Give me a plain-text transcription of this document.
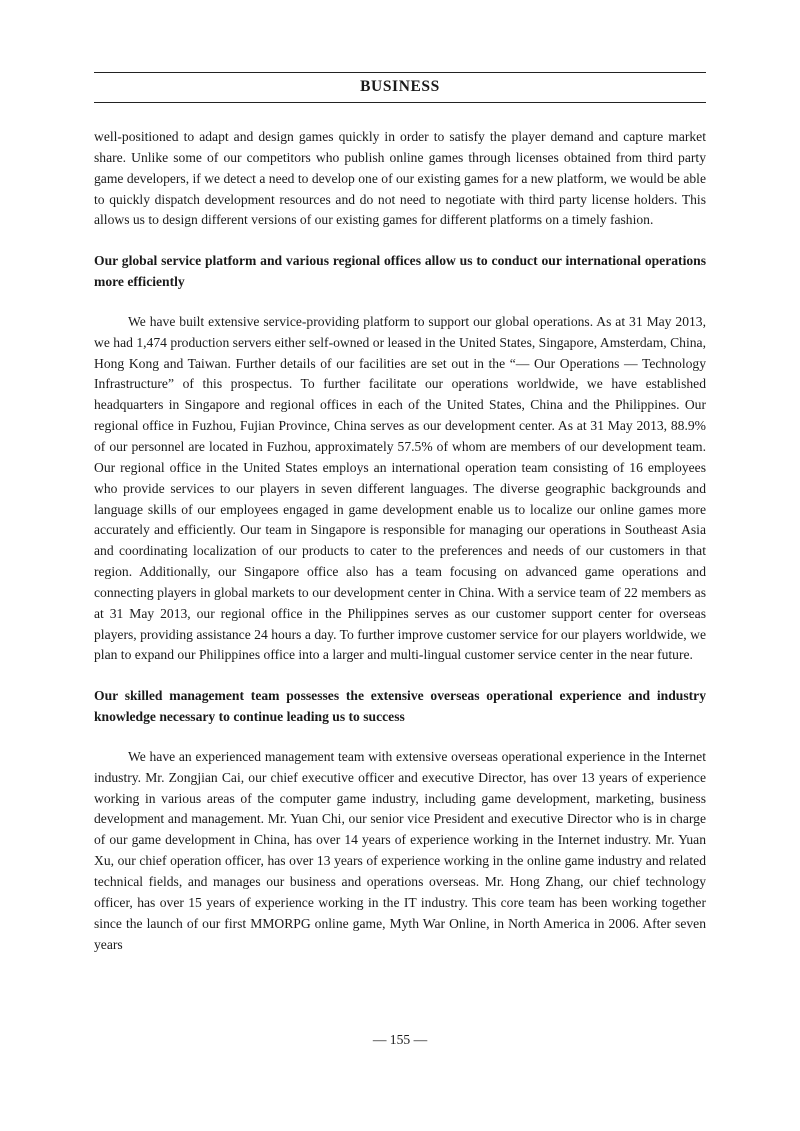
BUSINESS

well-positioned to adapt and design games quickly in order to satisfy the player demand and capture market share. Unlike some of our competitors who publish online games through licenses obtained from third party game developers, if we detect a need to develop one of our existing games for a new platform, we would be able to quickly dispatch development resources and do not need to negotiate with third party license holders. This allows us to design different versions of our existing games for different platforms on a timely fashion.

Our global service platform and various regional offices allow us to conduct our international operations more efficiently

We have built extensive service-providing platform to support our global operations. As at 31 May 2013, we had 1,474 production servers either self-owned or leased in the United States, Singapore, Amsterdam, China, Hong Kong and Taiwan. Further details of our facilities are set out in the “— Our Operations — Technology Infrastructure” of this prospectus. To further facilitate our operations worldwide, we have established headquarters in Singapore and regional offices in each of the United States, China and the Philippines. Our regional office in Fuzhou, Fujian Province, China serves as our development center. As at 31 May 2013, 88.9% of our personnel are located in Fuzhou, approximately 57.5% of whom are members of our development team. Our regional office in the United States employs an international operation team consisting of 16 employees who provide services to our players in seven different languages. The diverse geographic backgrounds and language skills of our employees engaged in game development enable us to localize our online games more accurately and efficiently. Our team in Singapore is responsible for managing our operations in Southeast Asia and coordinating localization of our products to cater to the preferences and needs of our customers in that region. Additionally, our Singapore office also has a team focusing on advanced game operations and connecting players in global markets to our development center in China. With a service team of 22 members as at 31 May 2013, our regional office in the Philippines serves as our customer support center for overseas players, providing assistance 24 hours a day. To further improve customer service for our players worldwide, we plan to expand our Philippines office into a larger and multi-lingual customer service center in the near future.

Our skilled management team possesses the extensive overseas operational experience and industry knowledge necessary to continue leading us to success

We have an experienced management team with extensive overseas operational experience in the Internet industry. Mr. Zongjian Cai, our chief executive officer and executive Director, has over 13 years of experience working in various areas of the computer game industry, including game development, marketing, business development and management. Mr. Yuan Chi, our senior vice President and executive Director who is in charge of our game development in China, has over 14 years of experience working in the Internet industry. Mr. Yuan Xu, our chief operation officer, has over 13 years of experience working in the online game industry and related technical fields, and manages our business and operations overseas. Mr. Hong Zhang, our chief technology officer, has over 15 years of experience working in the IT industry. This core team has been working together since the launch of our first MMORPG online game, Myth War Online, in North America in 2006. After seven years

— 155 —
